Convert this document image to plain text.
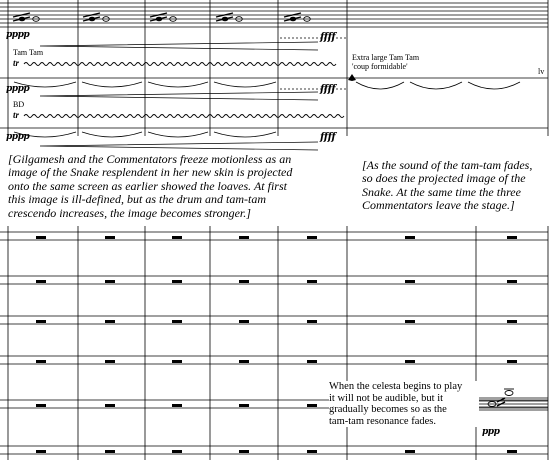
pppp	ffff
Tam Tam
tr
pppp	ffff
BD
tr
pppp	ffff
Extra large Tam Tam
'coup formidable'
lv
[Gilgamesh and the Commentators freeze motionless as an
image of the Snake resplendent in her new skin is projected
onto the same screen as earlier showed the loaves. At first
this image is ill-defined, but as the drum and tam-tam
crescendo increases, the image becomes stronger.]
[As the sound of the tam-tam fades,
so does the projected image of the
Snake. At the same time the three
Commentators leave the stage.]
When the celesta begins to play
it will not be audible, but it
gradually becomes so as the
tam-tam resonance fades.
ppp
